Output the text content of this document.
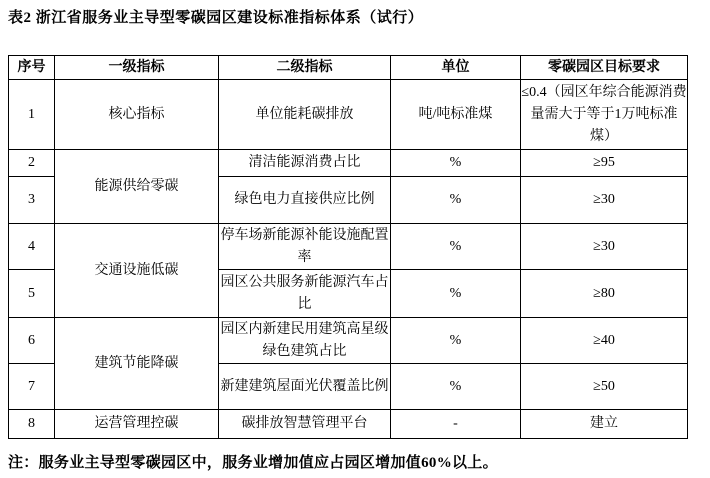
表2 浙江省服务业主导型零碳园区建设标准指标体系（试行）
序号	一级指标	二级指标	单位	零碳园区目标要求
1	核心指标	单位能耗碳排放	吨/吨标准煤	≤0.4（园区年综合能源消费量需大于等于1万吨标准煤）
2	能源供给零碳	清洁能源消费占比	%	≥95
3		绿色电力直接供应比例	%	≥30
4	交通设施低碳	停车场新能源补能设施配置率	%	≥30
5		园区公共服务新能源汽车占比	%	≥80
6	建筑节能降碳	园区内新建民用建筑高星级绿色建筑占比	%	≥40
7		新建建筑屋面光伏覆盖比例	%	≥50
8	运营管理控碳	碳排放智慧管理平台	-	建立
注：服务业主导型零碳园区中，服务业增加值应占园区增加值60%以上。
